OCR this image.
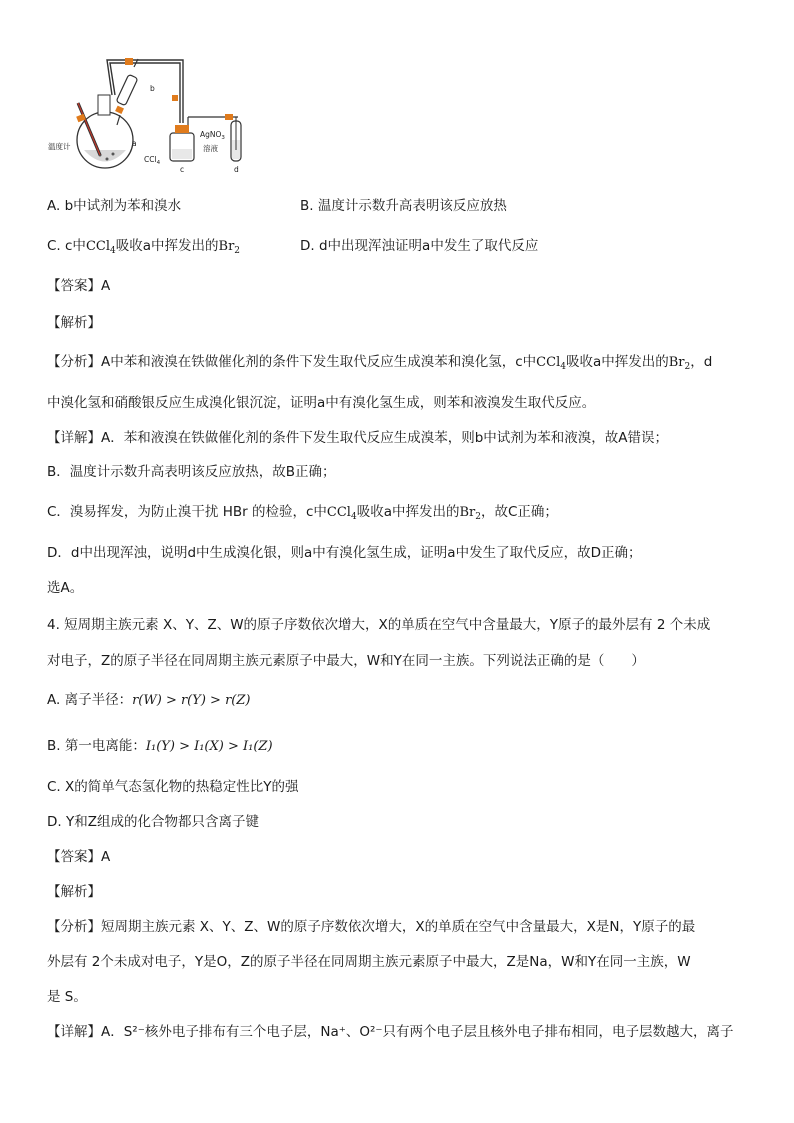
b
温度计	a
CCl$_4$
c
AgNO$_3$
溶液
d
A. b中试剂为苯和溴水	B. 温度计示数升高表明该反应放热
C. c中CCl$_4$吸收a中挥发出的$Br_2$	D. d中出现浑浊证明a中发生了取代反应
【答案】A
【解析】
【分析】A中苯和液溴在铁做催化剂的条件下发生取代反应生成溴苯和溴化氢，c中CCl$_4$吸收a中挥发出的$Br_2$，d
中溴化氢和硝酸银反应生成溴化银沉淀，证明a中有溴化氢生成，则苯和液溴发生取代反应。
【详解】A．苯和液溴在铁做催化剂的条件下发生取代反应生成溴苯，则b中试剂为苯和液溴，故A错误；
B．温度计示数升高表明该反应放热，故B正确；
C．溴易挥发，为防止溴干扰 HBr 的检验，c中CCl$_4$吸收a中挥发出的$Br_2$，故C正确；
D．d中出现浑浊，说明d中生成溴化银，则a中有溴化氢生成，证明a中发生了取代反应，故D正确；
选A。
4. 短周期主族元素 X、Y、Z、W的原子序数依次增大，X的单质在空气中含量最大，Y原子的最外层有 2 个未成
对电子，Z的原子半径在同周期主族元素原子中最大，W和Y在同一主族。下列说法正确的是（　　）
A. 离子半径：r(W) > r(Y) > r(Z)
B. 第一电离能：I₁(Y) > I₁(X) > I₁(Z)
C. X的简单气态氢化物的热稳定性比Y的强
D. Y和Z组成的化合物都只含离子键
【答案】A
【解析】
【分析】短周期主族元素 X、Y、Z、W的原子序数依次增大，X的单质在空气中含量最大，X是N，Y原子的最
外层有 2个未成对电子，Y是O，Z的原子半径在同周期主族元素原子中最大，Z是Na，W和Y在同一主族，W
是 S。
【详解】A．S²⁻核外电子排布有三个电子层，Na⁺、O²⁻只有两个电子层且核外电子排布相同，电子层数越大，离子
